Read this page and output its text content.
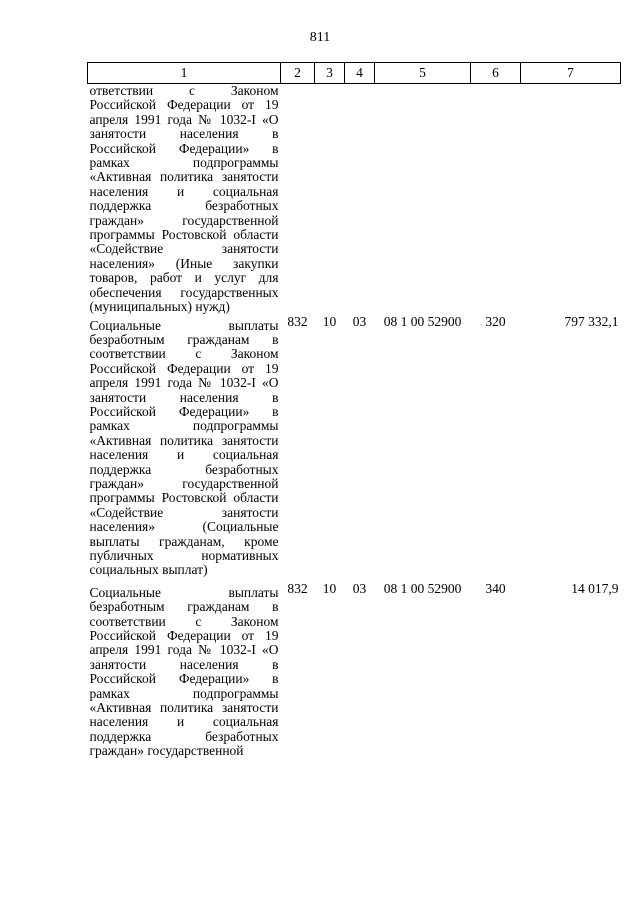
811
1	2	3	4	5	6	7
ответствии с Законом Российской Федерации от 19 апреля 1991 года № 1032-I «О занятости населения в Российской Федерации» в рамках подпрограммы «Активная политика занятости населения и социальная поддержка безработных граждан» государственной программы Ростовской области «Содействие занятости населения» (Иные закупки товаров, работ и услуг для обеспечения государственных (муниципальных) нужд)						
Социальные выплаты безработным гражданам в соответствии с Законом Российской Федерации от 19 апреля 1991 года № 1032-I «О занятости населения в Российской Федерации» в рамках подпрограммы «Активная политика занятости населения и социальная поддержка безработных граждан» государственной программы Ростовской области «Содействие занятости населения» (Социальные выплаты гражданам, кроме публичных нормативных социальных выплат)	832	10	03	08 1 00 52900	320	797 332,1
Социальные выплаты безработным гражданам в соответствии с Законом Российской Федерации от 19 апреля 1991 года № 1032-I «О занятости населения в Российской Федерации» в рамках подпрограммы «Активная политика занятости населения и социальная поддержка безработных граждан» государственной	832	10	03	08 1 00 52900	340	14 017,9
